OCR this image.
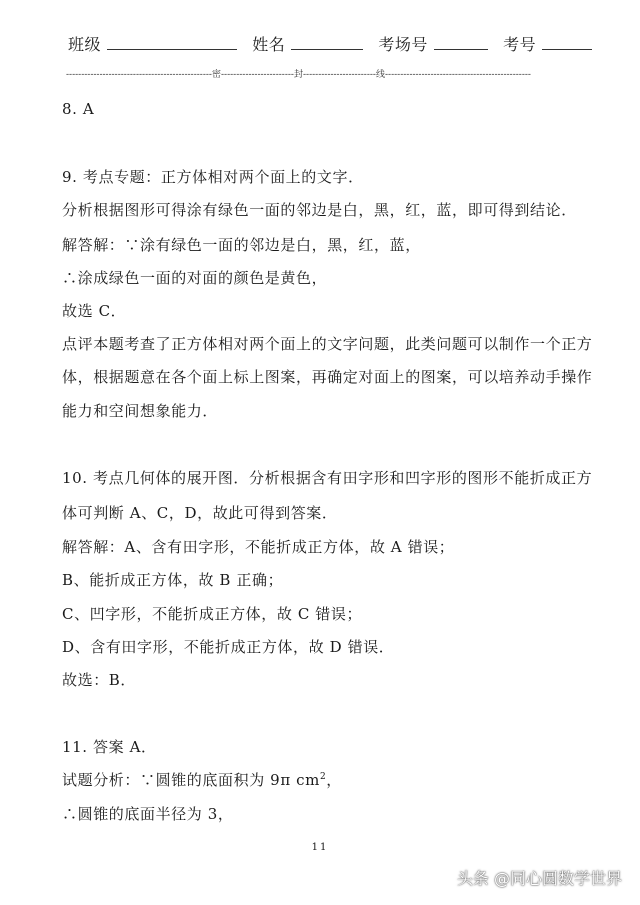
班级	姓名	考场号	考号
------------------------------------------------密------------------------封------------------------线------------------------------------------------
8. A
9. 考点专题：正方体相对两个面上的文字．
分析根据图形可得涂有绿色一面的邻边是白，黑，红，蓝，即可得到结论．
解答解：∵涂有绿色一面的邻边是白，黑，红，蓝，
∴涂成绿色一面的对面的颜色是黄色，
故选 C．
点评本题考查了正方体相对两个面上的文字问题，此类问题可以制作一个正方
体，根据题意在各个面上标上图案，再确定对面上的图案，可以培养动手操作
能力和空间想象能力．
10. 考点几何体的展开图．分析根据含有田字形和凹字形的图形不能折成正方
体可判断 A、C，D，故此可得到答案．
解答解：A、含有田字形，不能折成正方体，故 A 错误；
B、能折成正方体，故 B 正确；
C、凹字形，不能折成正方体，故 C 错误；
D、含有田字形，不能折成正方体，故 D 错误．
故选：B．
11. 答案 A．
试题分析：∵圆锥的底面积为 9π $cm^2$，
∴圆锥的底面半径为 3，
11
头条 @同心圆数学世界
